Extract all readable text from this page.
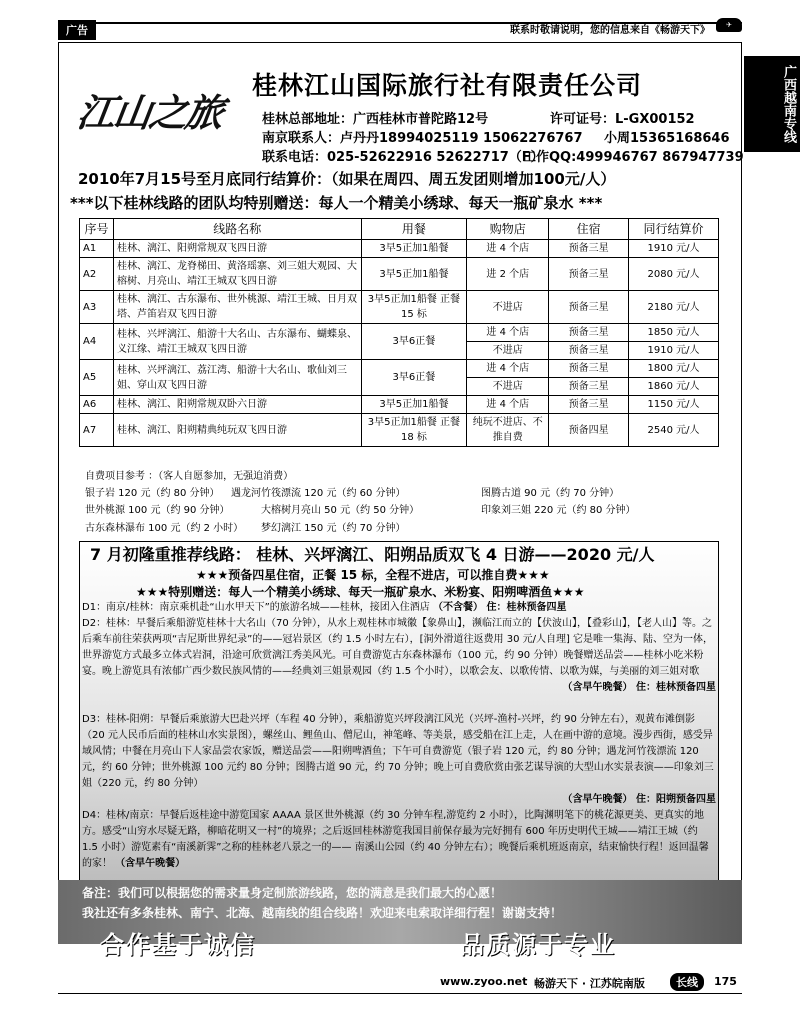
广告	联系时敬请说明，您的信息来自《畅游天下》	✈
广西越南专线
江山之旅
桂林江山国际旅行社有限责任公司
桂林总部地址：广西桂林市普陀路12号	许可证号：L-GX00152
南京联系人：卢丹丹18994025119 15062276767 小周15365168646
联系电话：025-52622916 52622717（F）
工作QQ:499946767 867947739
2010年7月15号至月底同行结算价：（如果在周四、周五发团则增加100元/人）
***以下桂林线路的团队均特别赠送：每人一个精美小绣球、每天一瓶矿泉水 ***
序号	线路名称	用餐	购物店	住宿	同行结算价
A1	桂林、漓江、阳朔常规双飞四日游	3早5正加1船餐	进 4 个店	预备三星	1910 元/人
A2	桂林、漓江、龙脊梯田、黄洛瑶寨、刘三姐大观园、大榕树、月亮山、靖江王城双飞四日游	3早5正加1船餐	进 2 个店	预备三星	2080 元/人
A3	桂林、漓江、古东瀑布、世外桃源、靖江王城、日月双塔、芦笛岩双飞四日游	3早5正加1船餐 正餐 15 标	不进店	预备三星	2180 元/人
A4	桂林、兴坪漓江、船游十大名山、古东瀑布、蝴蝶泉、义江缘、靖江王城双飞四日游	3早6正餐	进 4 个店	预备三星	1850 元/人
			不进店	预备三星	1910 元/人
A5	桂林、兴坪漓江、荔江湾、船游十大名山、歌仙刘三姐、穿山双飞四日游	3早6正餐	进 4 个店	预备三星	1800 元/人
			不进店	预备三星	1860 元/人
A6	桂林、漓江、阳朔常规双卧六日游	3早5正加1船餐	进 4 个店	预备三星	1150 元/人
A7	桂林、漓江、阳朔精典纯玩双飞四日游	3早5正加1船餐 正餐 18 标	纯玩不进店、不推自费	预备四星	2540 元/人
自费项目参考 ：（客人自愿参加，无强迫消费）
银子岩 120 元（约 80 分钟） 遇龙河竹筏漂流 120 元（约 60 分钟）	图腾古道 90 元（约 70 分钟）
世外桃源 100 元（约 90 分钟）	大榕树月亮山 50 元（约 50 分钟）	印象刘三姐 220 元（约 80 分钟）
古东森林瀑布 100 元（约 2 小时） 梦幻漓江 150 元（约 70 分钟）
7 月初隆重推荐线路： 桂林、兴坪漓江、阳朔品质双飞 4 日游——2020 元/人
★★★预备四星住宿，正餐 15 标，全程不进店，可以推自费★★★
★★★特别赠送：每人一个精美小绣球、每天一瓶矿泉水、米粉宴、阳朔啤酒鱼★★★
D1：南京/桂林：南京乘机赴“山水甲天下”的旅游名城——桂林，接团入住酒店 （不含餐） 住：桂林预备四星
D2：桂林：早餐后乘船游览桂林十大名山（70 分钟），从水上观桂林市城徽【象鼻山】，濒临江而立的【伏波山】，【叠彩山】，【老人山】等。之后乘车前往荣获两项“吉尼斯世界纪录”的——冠岩景区（约 1.5 小时左右），[洞外滑道往返费用 30 元/人自理] 它是唯一集海、陆、空为一体，世界游览方式最多立体式岩洞，沿途可欣赏漓江秀美风光。可自费游览古东森林瀑布（100 元，约 90 分钟）晚餐赠送品尝——桂林小吃米粉宴。晚上游览具有浓郁广西少数民族风情的——经典刘三姐景观园（约 1.5 个小时），以歌会友、以歌传情、以歌为媒，与美丽的刘三姐对歌
（含早午晚餐） 住：桂林预备四星
D3：桂林-阳朔：早餐后乘旅游大巴赴兴坪（车程 40 分钟），乘船游览兴坪段漓江风光（兴坪-渔村-兴坪，约 90 分钟左右），观黄布滩倒影（20 元人民币后面的桂林山水实景图），螺丝山、鲤鱼山、僧尼山，神笔峰、等美景，感受船在江上走，人在画中游的意境。漫步西街，感受异域风情；中餐在月亮山下人家品尝农家饭，赠送品尝——阳朔啤酒鱼；下午可自费游览（银子岩 120 元，约 80 分钟；遇龙河竹筏漂流 120 元，约 60 分钟；世外桃源 100 元约 80 分钟；图腾古道 90 元，约 70 分钟；晚上可自费欣赏由张艺谋导演的大型山水实景表演——印象刘三姐（220 元，约 80 分钟）
（含早午晚餐） 住：阳朔预备四星
D4：桂林/南京：早餐后返桂途中游览国家 AAAA 景区世外桃源（约 30 分钟车程,游览约 2 小时），比陶渊明笔下的桃花源更美、更真实的地方。感受“山穷水尽疑无路，柳暗花明又一村”的境界；之后返回桂林游览我国目前保存最为完好拥有 600 年历史明代王城——靖江王城（约 1.5 小时）游览素有“南溪新霁”之称的桂林老八景之一的—— 南溪山公园（约 40 分钟左右）；晚餐后乘机班返南京，结束愉快行程！返回温馨的家！ （含早午晚餐）
备注：我们可以根据您的需求量身定制旅游线路，您的满意是我们最大的心愿！
我社还有多条桂林、南宁、北海、越南线的组合线路！欢迎来电索取详细行程！谢谢支持！
合作基于诚信	品质源于专业
www.zyoo.net 畅游天下 · 江苏皖南版	长线	175
